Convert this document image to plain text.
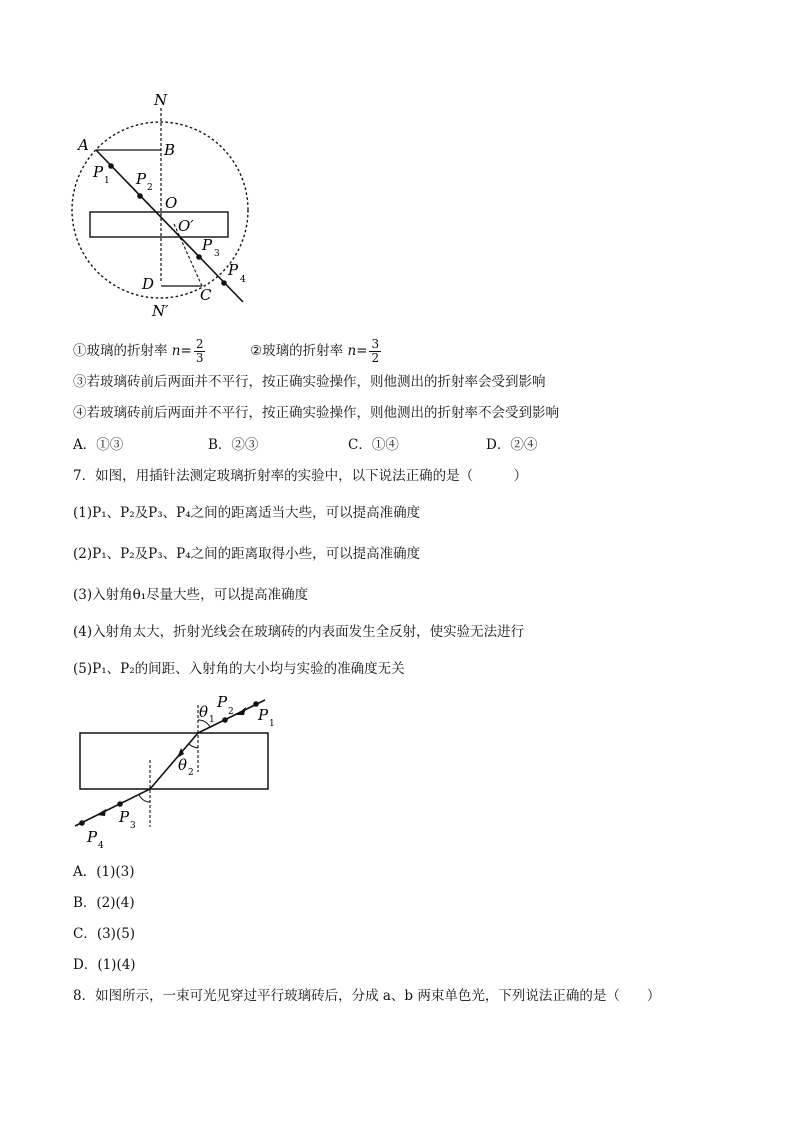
N
A	B
P 1 P 2
O
O′
P 3
P
4
D
C
N′
①玻璃的折射率 $n= \frac{2}{3}$	②玻璃的折射率 $n= \frac{3}{2}$
③若玻璃砖前后两面并不平行，按正确实验操作，则他测出的折射率会受到影响
④若玻璃砖前后两面并不平行，按正确实验操作，则他测出的折射率不会受到影响
A．①③	B．②③	C．①④	D．②④
7．如图，用插针法测定玻璃折射率的实验中，以下说法正确的是（　　　）
(1)P₁、P₂及P₃、P₄之间的距离适当大些，可以提高准确度
(2)P₁、P₂及P₃、P₄之间的距离取得小些，可以提高准确度
(3)入射角θ₁尽量大些，可以提高准确度
(4)入射角太大，折射光线会在玻璃砖的内表面发生全反射，使实验无法进行
(5)P₁、P₂的间距、入射角的大小均与实验的准确度无关
θ 1
P
2 P 1
θ 2
P 3
P 4
A．(1)(3)
B．(2)(4)
C．(3)(5)
D．(1)(4)
8．如图所示，一束可光见穿过平行玻璃砖后，分成 a、b 两束单色光，下列说法正确的是（　　）
